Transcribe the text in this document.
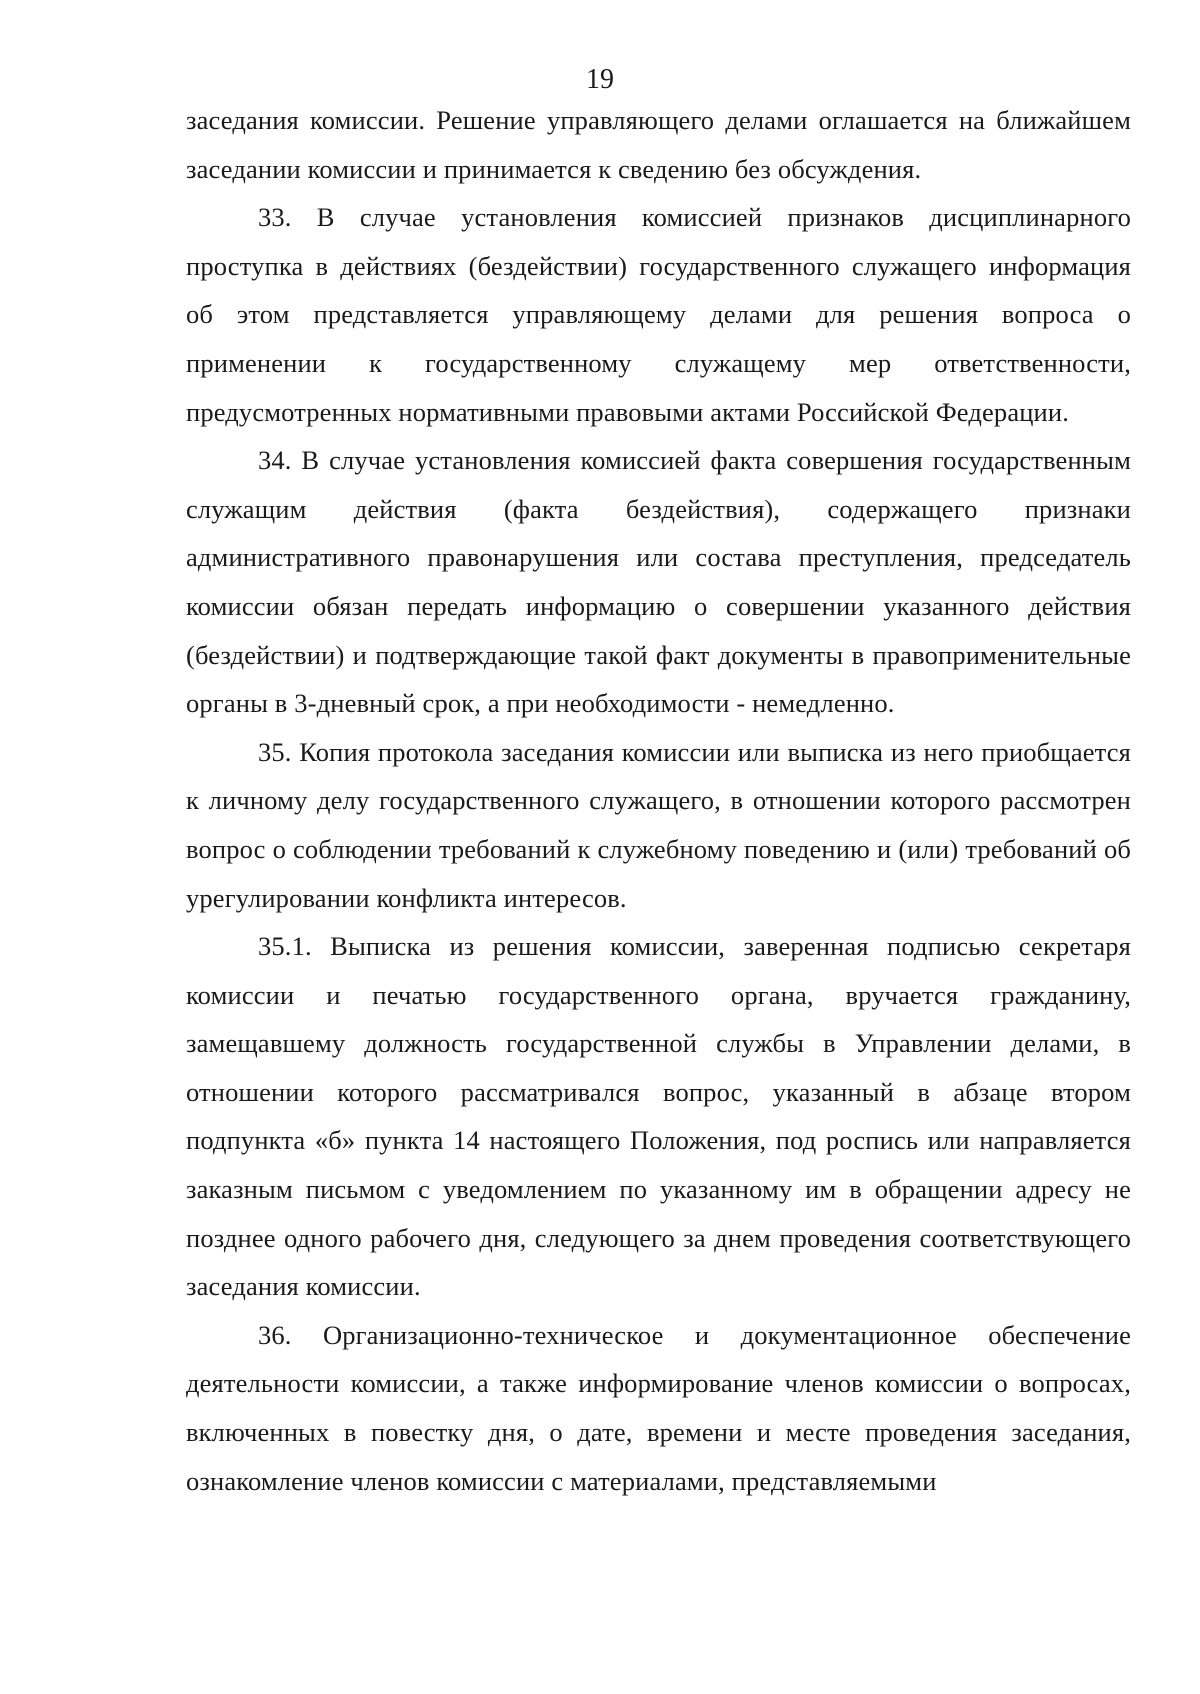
19

заседания комиссии. Решение управляющего делами оглашается на ближайшем заседании комиссии и принимается к сведению без обсуждения.

33. В случае установления комиссией признаков дисциплинарного проступка в действиях (бездействии) государственного служащего информация об этом представляется управляющему делами для решения вопроса о применении к государственному служащему мер ответственности, предусмотренных нормативными правовыми актами Российской Федерации.

34. В случае установления комиссией факта совершения государственным служащим действия (факта бездействия), содержащего признаки административного правонарушения или состава преступления, председатель комиссии обязан передать информацию о совершении указанного действия (бездействии) и подтверждающие такой факт документы в правоприменительные органы в 3-дневный срок, а при необходимости - немедленно.

35. Копия протокола заседания комиссии или выписка из него приобщается к личному делу государственного служащего, в отношении которого рассмотрен вопрос о соблюдении требований к служебному поведению и (или) требований об урегулировании конфликта интересов.

35.1. Выписка из решения комиссии, заверенная подписью секретаря комиссии и печатью государственного органа, вручается гражданину, замещавшему должность государственной службы в Управлении делами, в отношении которого рассматривался вопрос, указанный в абзаце втором подпункта «б» пункта 14 настоящего Положения, под роспись или направляется заказным письмом с уведомлением по указанному им в обращении адресу не позднее одного рабочего дня, следующего за днем проведения соответствующего заседания комиссии.

36. Организационно-техническое и документационное обеспечение деятельности комиссии, а также информирование членов комиссии о вопросах, включенных в повестку дня, о дате, времени и месте проведения заседания, ознакомление членов комиссии с материалами, представляемыми
